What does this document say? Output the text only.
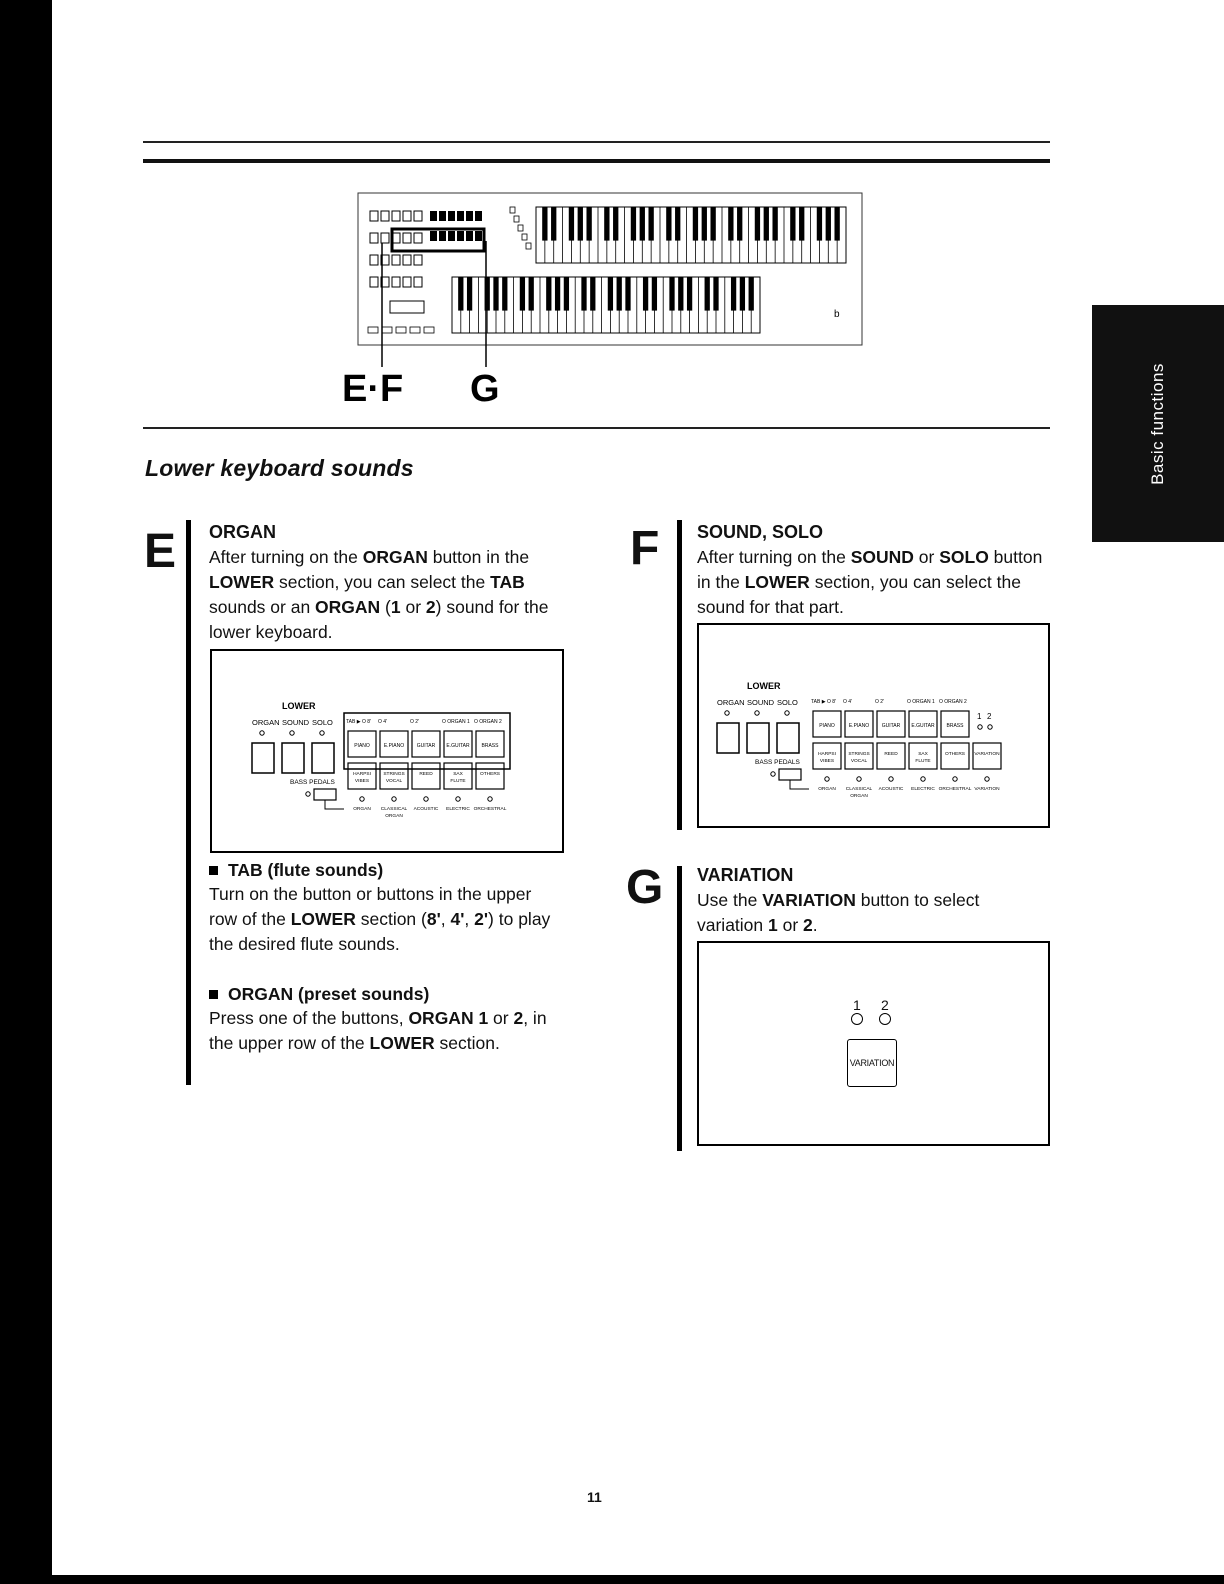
Basic functions
b
E·F G
Lower keyboard sounds
E ORGAN
After turning on the ORGAN button in the LOWER section, you can select the TAB sounds or an ORGAN (1 or 2) sound for the lower keyboard.
LOWER
ORGAN SOUND SOLO	TAB ▶ O 8' O 4'	O 2'	O ORGAN 1 O ORGAN 2
PIANO	E.PIANO	GUITAR E.GUITAR BRASS
HARPSI
VIBES
STRINGS
VOCAL
REED	SAX
FLUTE
OTHERS
BASS PEDALS
ORGAN CLASSICAL
ORGAN
ACOUSTIC ELECTRIC ORCHESTRAL
TAB (flute sounds)
Turn on the button or buttons in the upper row of the LOWER section (8', 4', 2') to play the desired flute sounds.
ORGAN (preset sounds)
Press one of the buttons, ORGAN 1 or 2, in the upper row of the LOWER section.
F SOUND, SOLO
After turning on the SOUND or SOLO button in the LOWER section, you can select the sound for that part.
LOWER
ORGAN SOUND SOLO	TAB ▶ O 8' O 4'	O 2'	O ORGAN 1 O ORGAN 2
PIANO	E.PIANO	GUITAR E.GUITAR BRASS
HARPSI
VIBES
STRINGS
VOCAL
REED	SAX
FLUTE
OTHERS VARIATION
1 2
BASS PEDALS
ORGAN CLASSICAL
ORGAN
ACOUSTIC ELECTRIC ORCHESTRAL VARIATION
G VARIATION
Use the VARIATION button to select variation 1 or 2.
1 2
VARIATION
11
